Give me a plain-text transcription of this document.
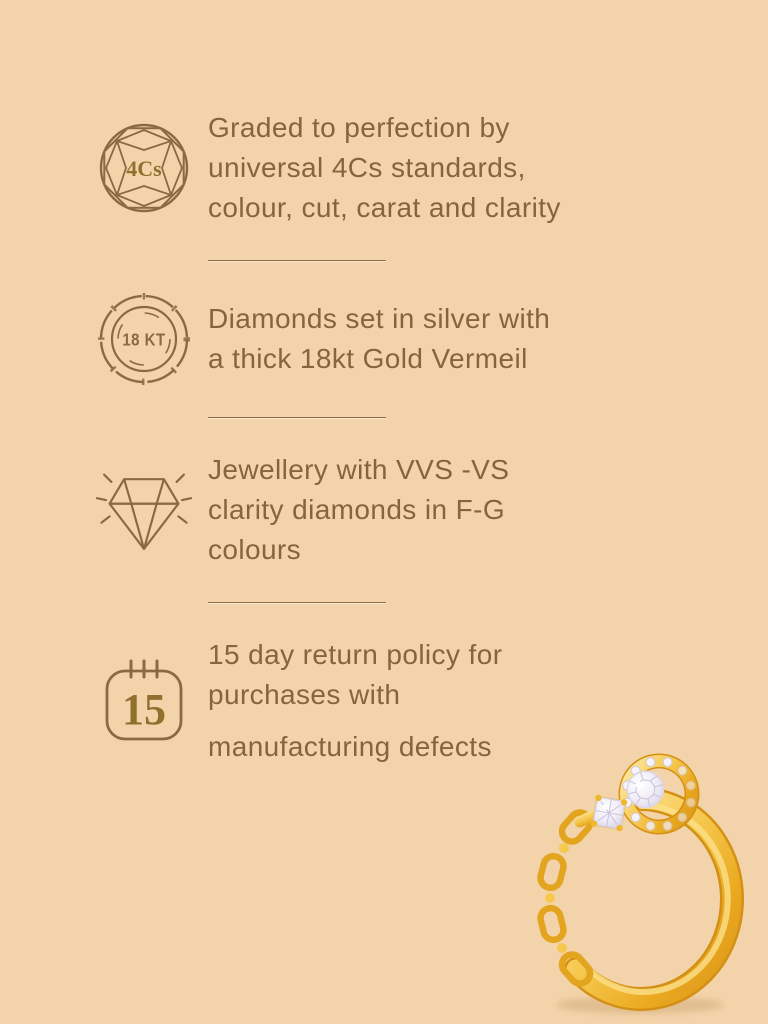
4Cs
Graded to perfection by
universal 4Cs standards,
colour, cut, carat and clarity
18 KT
Diamonds set in silver with
a thick 18kt Gold Vermeil
Jewellery with VVS -VS
clarity diamonds in F-G
colours
15
15 day return policy for
purchases with
manufacturing defects
